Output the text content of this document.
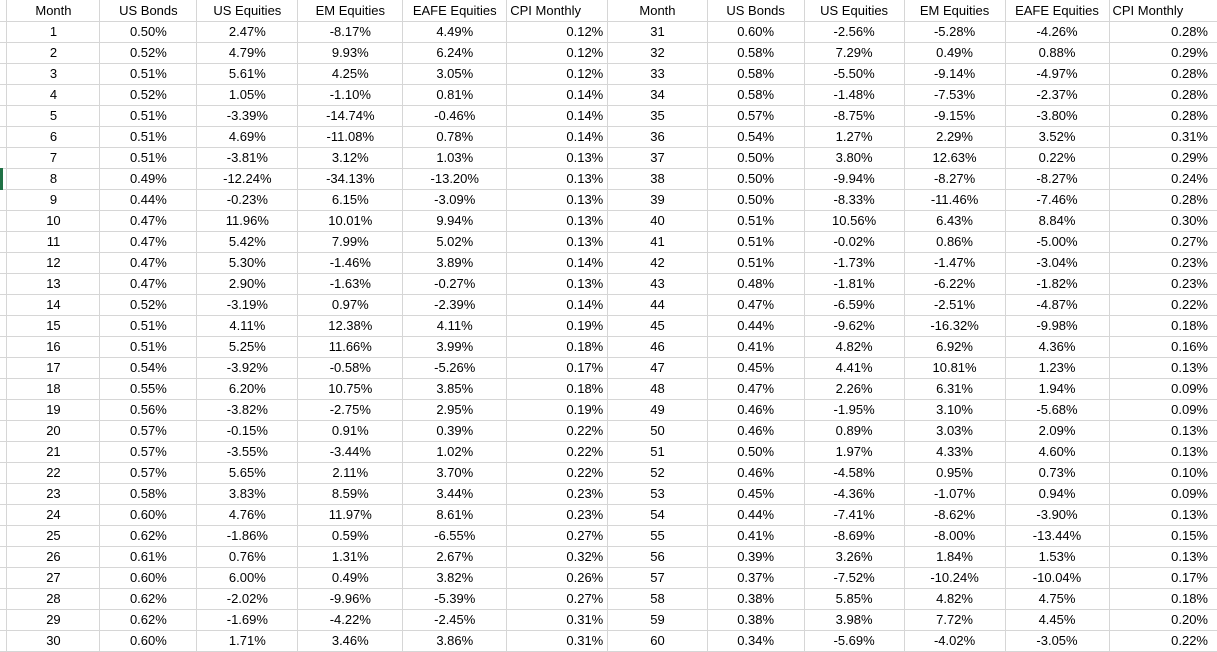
	Month	US Bonds	US Equities	EM Equities	EAFE Equities	CPI Monthly
	1	0.50%	2.47%	-8.17%	4.49%	0.12%
	2	0.52%	4.79%	9.93%	6.24%	0.12%
	3	0.51%	5.61%	4.25%	3.05%	0.12%
	4	0.52%	1.05%	-1.10%	0.81%	0.14%
	5	0.51%	-3.39%	-14.74%	-0.46%	0.14%
	6	0.51%	4.69%	-11.08%	0.78%	0.14%
	7	0.51%	-3.81%	3.12%	1.03%	0.13%
	8	0.49%	-12.24%	-34.13%	-13.20%	0.13%
	9	0.44%	-0.23%	6.15%	-3.09%	0.13%
	10	0.47%	11.96%	10.01%	9.94%	0.13%
	11	0.47%	5.42%	7.99%	5.02%	0.13%
	12	0.47%	5.30%	-1.46%	3.89%	0.14%
	13	0.47%	2.90%	-1.63%	-0.27%	0.13%
	14	0.52%	-3.19%	0.97%	-2.39%	0.14%
	15	0.51%	4.11%	12.38%	4.11%	0.19%
	16	0.51%	5.25%	11.66%	3.99%	0.18%
	17	0.54%	-3.92%	-0.58%	-5.26%	0.17%
	18	0.55%	6.20%	10.75%	3.85%	0.18%
	19	0.56%	-3.82%	-2.75%	2.95%	0.19%
	20	0.57%	-0.15%	0.91%	0.39%	0.22%
	21	0.57%	-3.55%	-3.44%	1.02%	0.22%
	22	0.57%	5.65%	2.11%	3.70%	0.22%
	23	0.58%	3.83%	8.59%	3.44%	0.23%
	24	0.60%	4.76%	11.97%	8.61%	0.23%
	25	0.62%	-1.86%	0.59%	-6.55%	0.27%
	26	0.61%	0.76%	1.31%	2.67%	0.32%
	27	0.60%	6.00%	0.49%	3.82%	0.26%
	28	0.62%	-2.02%	-9.96%	-5.39%	0.27%
	29	0.62%	-1.69%	-4.22%	-2.45%	0.31%
	30	0.60%	1.71%	3.46%	3.86%	0.31%
Month	US Bonds	US Equities	EM Equities	EAFE Equities	CPI Monthly
31	0.60%	-2.56%	-5.28%	-4.26%	0.28%
32	0.58%	7.29%	0.49%	0.88%	0.29%
33	0.58%	-5.50%	-9.14%	-4.97%	0.28%
34	0.58%	-1.48%	-7.53%	-2.37%	0.28%
35	0.57%	-8.75%	-9.15%	-3.80%	0.28%
36	0.54%	1.27%	2.29%	3.52%	0.31%
37	0.50%	3.80%	12.63%	0.22%	0.29%
38	0.50%	-9.94%	-8.27%	-8.27%	0.24%
39	0.50%	-8.33%	-11.46%	-7.46%	0.28%
40	0.51%	10.56%	6.43%	8.84%	0.30%
41	0.51%	-0.02%	0.86%	-5.00%	0.27%
42	0.51%	-1.73%	-1.47%	-3.04%	0.23%
43	0.48%	-1.81%	-6.22%	-1.82%	0.23%
44	0.47%	-6.59%	-2.51%	-4.87%	0.22%
45	0.44%	-9.62%	-16.32%	-9.98%	0.18%
46	0.41%	4.82%	6.92%	4.36%	0.16%
47	0.45%	4.41%	10.81%	1.23%	0.13%
48	0.47%	2.26%	6.31%	1.94%	0.09%
49	0.46%	-1.95%	3.10%	-5.68%	0.09%
50	0.46%	0.89%	3.03%	2.09%	0.13%
51	0.50%	1.97%	4.33%	4.60%	0.13%
52	0.46%	-4.58%	0.95%	0.73%	0.10%
53	0.45%	-4.36%	-1.07%	0.94%	0.09%
54	0.44%	-7.41%	-8.62%	-3.90%	0.13%
55	0.41%	-8.69%	-8.00%	-13.44%	0.15%
56	0.39%	3.26%	1.84%	1.53%	0.13%
57	0.37%	-7.52%	-10.24%	-10.04%	0.17%
58	0.38%	5.85%	4.82%	4.75%	0.18%
59	0.38%	3.98%	7.72%	4.45%	0.20%
60	0.34%	-5.69%	-4.02%	-3.05%	0.22%
